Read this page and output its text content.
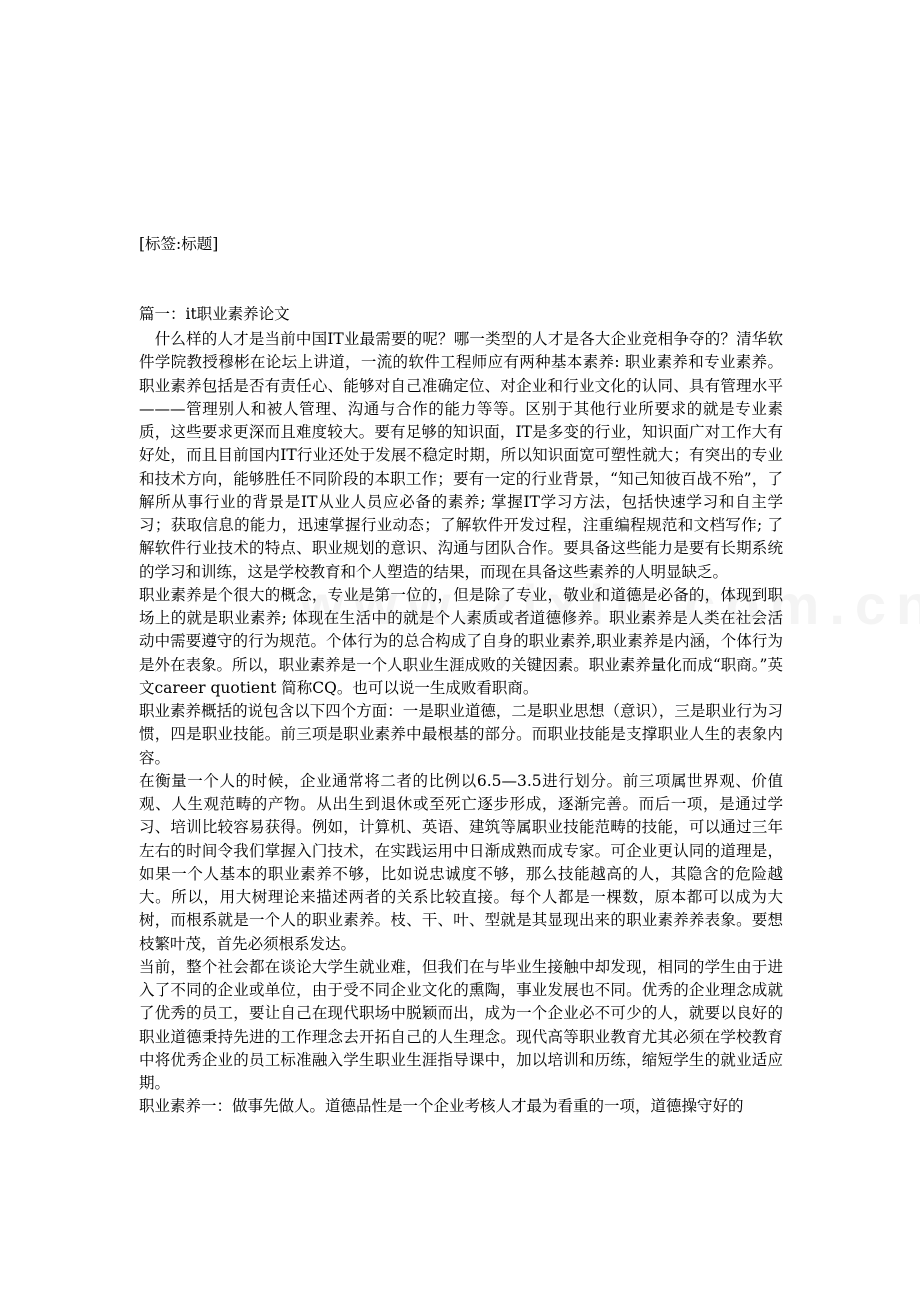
[标签:标题]
篇一：it职业素养论文

　什么样的人才是当前中国IT业最需要的呢？哪一类型的人才是各大企业竞相争夺的？清华软件学院教授穆彬在论坛上讲道，一流的软件工程师应有两种基本素养: 职业素养和专业素养。职业素养包括是否有责任心、能够对自己准确定位、对企业和行业文化的认同、具有管理水平———管理别人和被人管理、沟通与合作的能力等等。区别于其他行业所要求的就是专业素质，这些要求更深而且难度较大。要有足够的知识面，IT是多变的行业，知识面广对工作大有好处，而且目前国内IT行业还处于发展不稳定时期，所以知识面宽可塑性就大；有突出的专业和技术方向，能够胜任不同阶段的本职工作；要有一定的行业背景，“知己知彼百战不殆”，了解所从事行业的背景是IT从业人员应必备的素养; 掌握IT学习方法，包括快速学习和自主学习；获取信息的能力，迅速掌握行业动态；了解软件开发过程，注重编程规范和文档写作; 了解软件行业技术的特点、职业规划的意识、沟通与团队合作。要具备这些能力是要有长期系统的学习和训练，这是学校教育和个人塑造的结果，而现在具备这些素养的人明显缺乏。

职业素养是个很大的概念，专业是第一位的，但是除了专业，敬业和道德是必备的，体现到职场上的就是职业素养; 体现在生活中的就是个人素质或者道德修养。职业素养是人类在社会活动中需要遵守的行为规范。个体行为的总合构成了自身的职业素养,职业素养是内涵，个体行为是外在表象。所以，职业素养是一个人职业生涯成败的关键因素。职业素养量化而成“职商。”英文career quotient 简称CQ。也可以说一生成败看职商。

职业素养概括的说包含以下四个方面：一是职业道德，二是职业思想（意识），三是职业行为习惯，四是职业技能。前三项是职业素养中最根基的部分。而职业技能是支撑职业人生的表象内容。

在衡量一个人的时候，企业通常将二者的比例以6.5—3.5进行划分。前三项属世界观、价值观、人生观范畴的产物。从出生到退休或至死亡逐步形成，逐渐完善。而后一项，是通过学习、培训比较容易获得。例如，计算机、英语、建筑等属职业技能范畴的技能，可以通过三年左右的时间令我们掌握入门技术，在实践运用中日渐成熟而成专家。可企业更认同的道理是，如果一个人基本的职业素养不够，比如说忠诚度不够，那么技能越高的人，其隐含的危险越大。所以，用大树理论来描述两者的关系比较直接。每个人都是一棵数，原本都可以成为大树，而根系就是一个人的职业素养。枝、干、叶、型就是其显现出来的职业素养养表象。要想枝繁叶茂，首先必须根系发达。

当前，整个社会都在谈论大学生就业难，但我们在与毕业生接触中却发现，相同的学生由于进入了不同的企业或单位，由于受不同企业文化的熏陶，事业发展也不同。优秀的企业理念成就了优秀的员工，要让自己在现代职场中脱颖而出，成为一个企业必不可少的人，就要以良好的职业道德秉持先进的工作理念去开拓自己的人生理念。现代高等职业教育尤其必须在学校教育中将优秀企业的员工标准融入学生职业生涯指导课中，加以培训和历练，缩短学生的就业适应期。

职业素养一：做事先做人。道德品性是一个企业考核人才最为看重的一项，道德操守好的
